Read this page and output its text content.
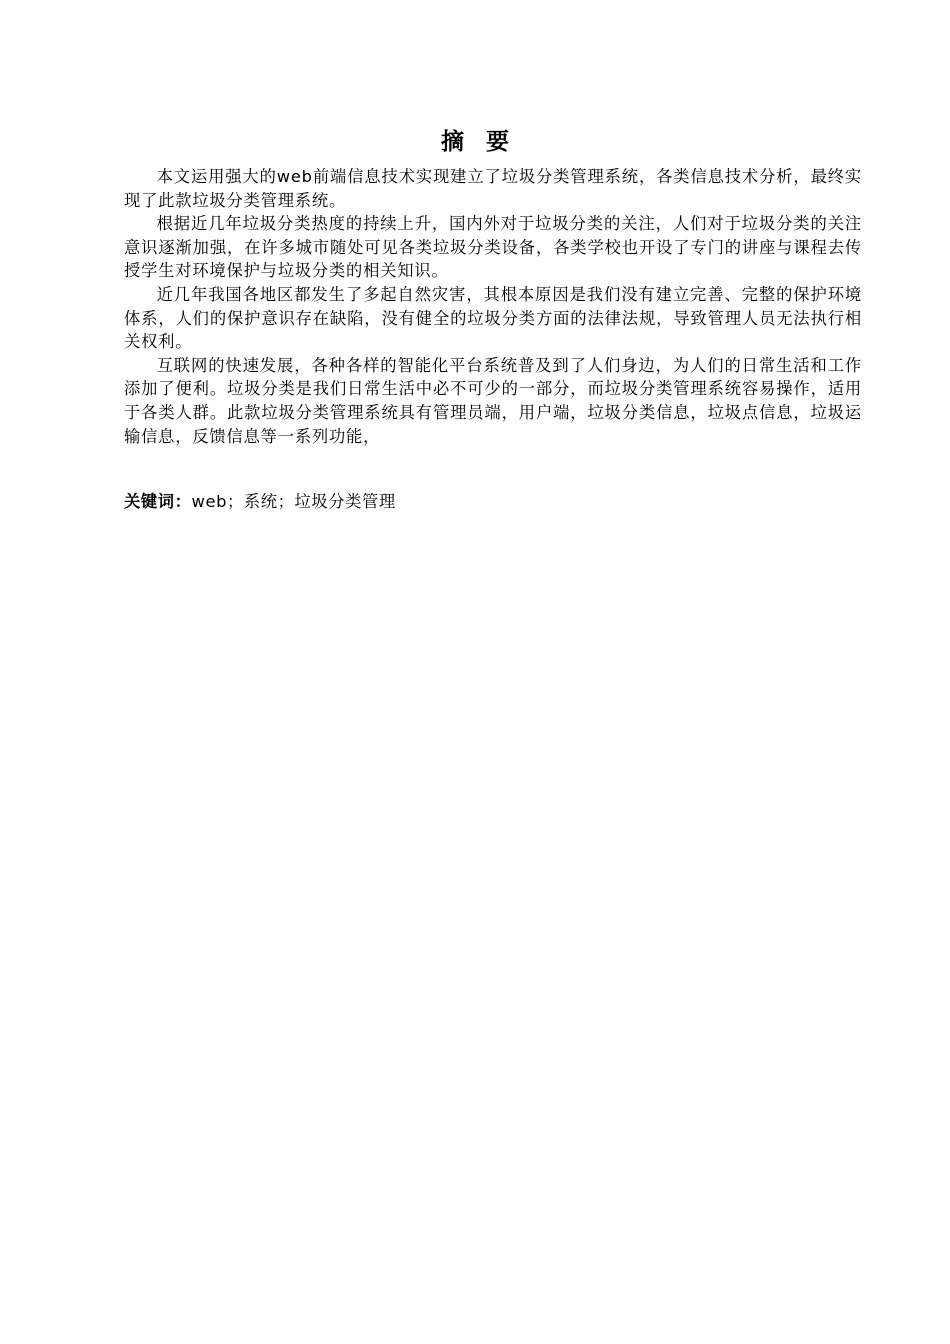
摘要

本文运用强大的web前端信息技术实现建立了垃圾分类管理系统，各类信息技术分析，最终实现了此款垃圾分类管理系统。

根据近几年垃圾分类热度的持续上升，国内外对于垃圾分类的关注，人们对于垃圾分类的关注意识逐渐加强，在许多城市随处可见各类垃圾分类设备，各类学校也开设了专门的讲座与课程去传授学生对环境保护与垃圾分类的相关知识。

近几年我国各地区都发生了多起自然灾害，其根本原因是我们没有建立完善、完整的保护环境体系，人们的保护意识存在缺陷，没有健全的垃圾分类方面的法律法规，导致管理人员无法执行相关权利。

互联网的快速发展，各种各样的智能化平台系统普及到了人们身边，为人们的日常生活和工作添加了便利。垃圾分类是我们日常生活中必不可少的一部分，而垃圾分类管理系统容易操作，适用于各类人群。此款垃圾分类管理系统具有管理员端，用户端，垃圾分类信息，垃圾点信息，垃圾运输信息，反馈信息等一系列功能，

关键词：web；系统；垃圾分类管理
